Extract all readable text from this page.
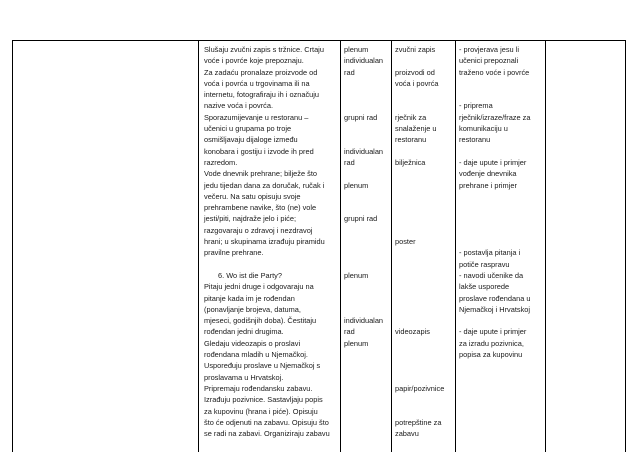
Slušaju zvučni zapis s tržnice. Crtaju
voće i povrće koje prepoznaju.
Za zadaću pronalaze proizvode od
voća i povrća u trgovinama ili na
internetu, fotografiraju ih i označuju
nazive voća i povrća.
Sporazumijevanje u restoranu –
učenici u grupama po troje
osmišljavaju dijaloge između
konobara i gostiju i izvode ih pred
razredom.
Vode dnevnik prehrane; bilježe što
jedu tijedan dana za doručak, ručak i
večeru. Na satu opisuju svoje
prehrambene navike, što (ne) vole
jesti/piti, najdraže jelo i piće;
razgovaraju o zdravoj i nezdravoj
hrani; u skupinama izrađuju piramidu
pravilne prehrane.
6. Wo ist die Party?
Pitaju jedni druge i odgovaraju na
pitanje kada im je rođendan
(ponavljanje brojeva, datuma,
mjeseci, godišnjih doba). Čestitaju
rođendan jedni drugima.
Gledaju videozapis o proslavi
rođendana mladih u Njemačkoj.
Uspoređuju proslave u Njemačkoj s
proslavama u Hrvatskoj.
Pripremaju rođendansku zabavu.
Izrađuju pozivnice. Sastavljaju popis
za kupovinu (hrana i piće). Opisuju
što će odjenuti na zabavu. Opisuju što
se radi na zabavi. Organiziraju zabavu
plenum
individualan
rad
grupni rad
individualan
rad
plenum
grupni rad
plenum
individualan
rad
plenum
zvučni zapis
proizvodi od
voća i povrća
rječnik za
snalaženje u
restoranu
bilježnica
poster
videozapis
papir/pozivnice
potrepštine za
zabavu
- provjerava jesu li
učenici prepoznali
traženo voće i povrće
- priprema
rječnik/izraze/fraze za
komunikaciju u
restoranu
- daje upute i primjer
vođenje dnevnika
prehrane i primjer
- postavlja pitanja i
potiče raspravu
- navodi učenike da
lakše usporede
proslave rođendana u
Njemačkoj i Hrvatskoj
- daje upute i primjer
za izradu pozivnica,
popisa za kupovinu
